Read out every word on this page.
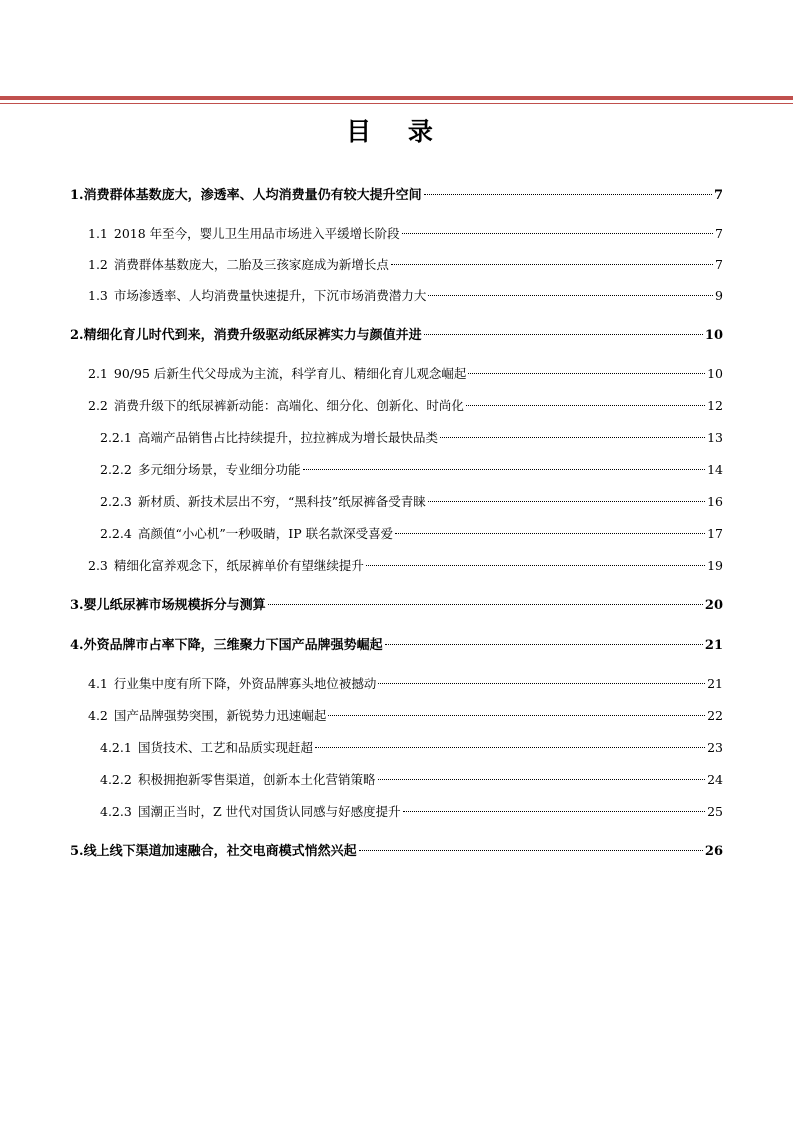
目 录
1. 消费群体基数庞大，渗透率、人均消费量仍有较大提升空间	7
1.1 2018 年至今，婴儿卫生用品市场进入平缓增长阶段	7
1.2 消费群体基数庞大，二胎及三孩家庭成为新增长点	7
1.3 市场渗透率、人均消费量快速提升，下沉市场消费潜力大	9
2. 精细化育儿时代到来，消费升级驱动纸尿裤实力与颜值并进	10
2.1 90/95 后新生代父母成为主流，科学育儿、精细化育儿观念崛起	10
2.2 消费升级下的纸尿裤新动能：高端化、细分化、创新化、时尚化	12
2.2.1 高端产品销售占比持续提升，拉拉裤成为增长最快品类	13
2.2.2 多元细分场景，专业细分功能	14
2.2.3 新材质、新技术层出不穷，“黑科技”纸尿裤备受青睐	16
2.2.4 高颜值“小心机”一秒吸睛，IP 联名款深受喜爱	17
2.3 精细化富养观念下，纸尿裤单价有望继续提升	19
3. 婴儿纸尿裤市场规模拆分与测算	20
4. 外资品牌市占率下降，三维聚力下国产品牌强势崛起	21
4.1 行业集中度有所下降，外资品牌寡头地位被撼动	21
4.2 国产品牌强势突围，新锐势力迅速崛起	22
4.2.1 国货技术、工艺和品质实现赶超	23
4.2.2 积极拥抱新零售渠道，创新本土化营销策略	24
4.2.3 国潮正当时，Z 世代对国货认同感与好感度提升	25
5. 线上线下渠道加速融合，社交电商模式悄然兴起	26
